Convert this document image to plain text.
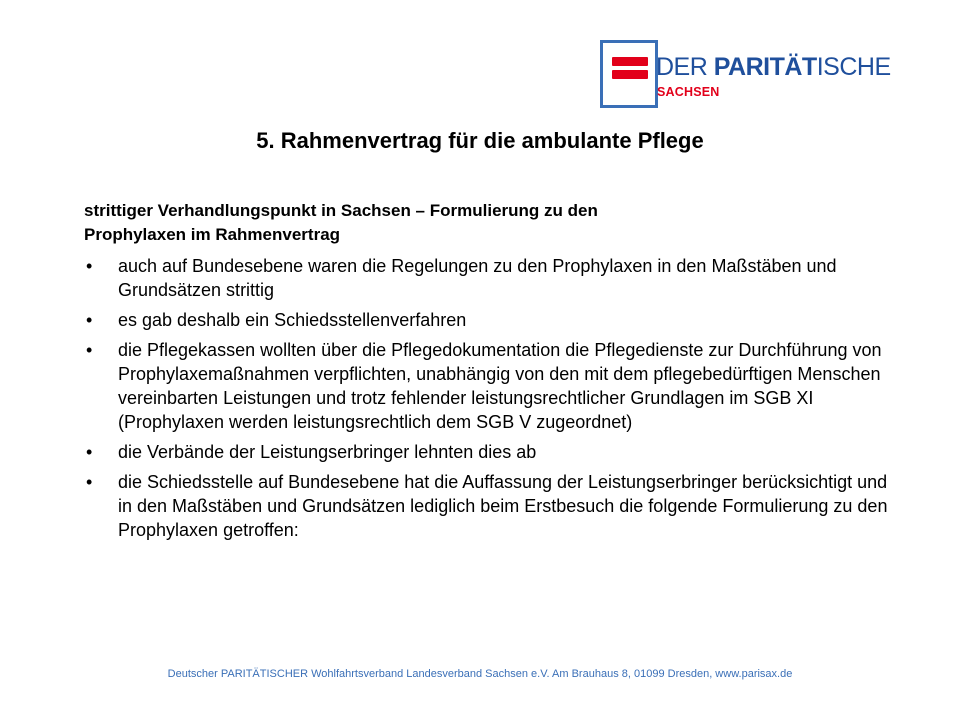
DER PARITÄTISCHE
SACHSEN
5. Rahmenvertrag für die ambulante Pflege
strittiger Verhandlungspunkt in Sachsen – Formulierung zu den
Prophylaxen im Rahmenvertrag
• auch auf Bundesebene waren die Regelungen zu den Prophylaxen in den Maßstäben und Grundsätzen strittig
• es gab deshalb ein Schiedsstellenverfahren
• die Pflegekassen wollten über die Pflegedokumentation die Pflegedienste zur Durchführung von Prophylaxemaßnahmen verpflichten, unabhängig von den mit dem pflegebedürftigen Menschen vereinbarten Leistungen und trotz fehlender leistungsrechtlicher Grundlagen im SGB XI (Prophylaxen werden leistungsrechtlich dem SGB V zugeordnet)
• die Verbände der Leistungserbringer lehnten dies ab
• die Schiedsstelle auf Bundesebene hat die Auffassung der Leistungserbringer berücksichtigt und in den Maßstäben und Grundsätzen lediglich beim Erstbesuch die folgende Formulierung zu den Prophylaxen getroffen:
Deutscher PARITÄTISCHER Wohlfahrtsverband Landesverband Sachsen e.V. Am Brauhaus 8, 01099 Dresden, www.parisax.de
